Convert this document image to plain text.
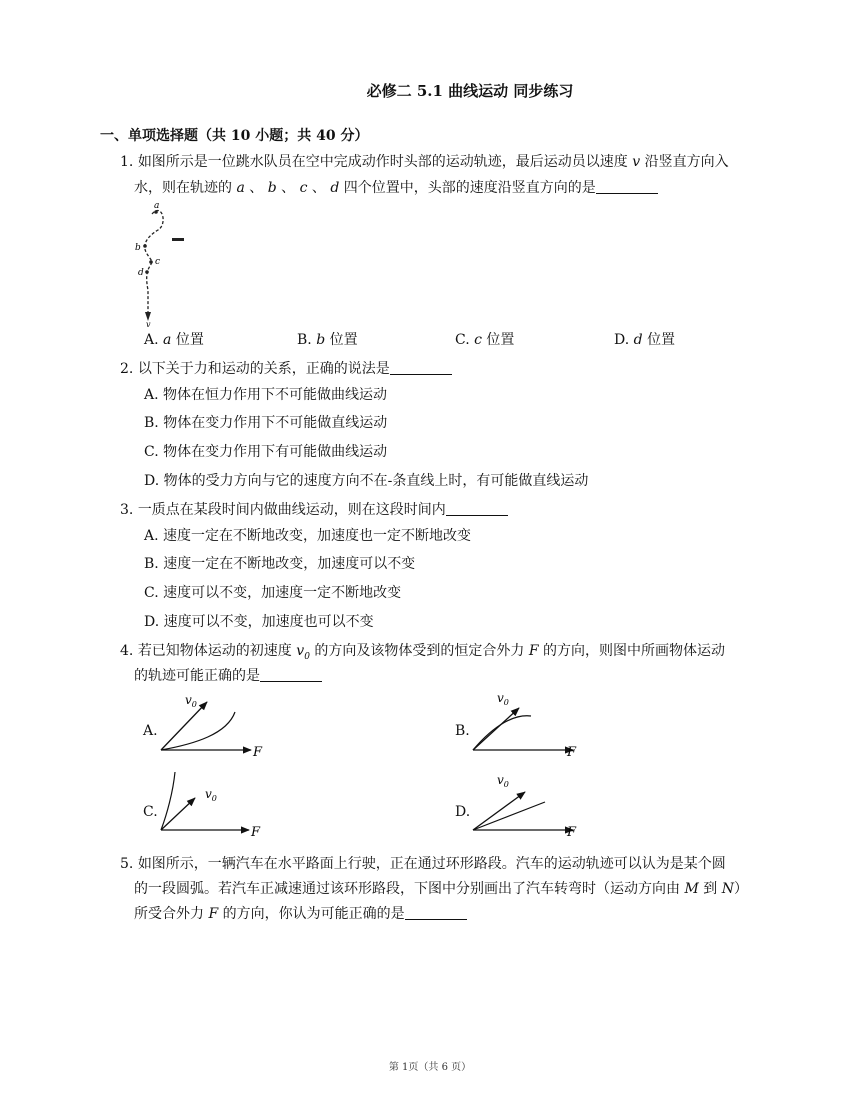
必修二 5.1 曲线运动 同步练习
一、单项选择题（共 10 小题；共 40 分）
1. 如图所示是一位跳水队员在空中完成动作时头部的运动轨迹，最后运动员以速度 v 沿竖直方向入
水，则在轨迹的 a 、 b 、 c 、 d 四个位置中，头部的速度沿竖直方向的是
a
b
c
d
v
A. a 位置	B. b 位置	C. c 位置	D. d 位置
2. 以下关于力和运动的关系，正确的说法是
A. 物体在恒力作用下不可能做曲线运动
B. 物体在变力作用下不可能做直线运动
C. 物体在变力作用下有可能做曲线运动
D. 物体的受力方向与它的速度方向不在-条直线上时，有可能做直线运动
3. 一质点在某段时间内做曲线运动，则在这段时间内
A. 速度一定在不断地改变，加速度也一定不断地改变
B. 速度一定在不断地改变，加速度可以不变
C. 速度可以不变，加速度一定不断地改变
D. 速度可以不变，加速度也可以不变
4. 若已知物体运动的初速度 $v_0$ 的方向及该物体受到的恒定合外力 F 的方向，则图中所画物体运动
的轨迹可能正确的是
A.
$v_0$
F
B.
$v_0$
F
C.
$v_0$
F
D.
$v_0$
F
5. 如图所示，一辆汽车在水平路面上行驶，正在通过环形路段。汽车的运动轨迹可以认为是某个圆
的一段圆弧。若汽车正减速通过该环形路段，下图中分别画出了汽车转弯时（运动方向由 M 到 N）
所受合外力 F 的方向，你认为可能正确的是
第 1页（共 6 页）
